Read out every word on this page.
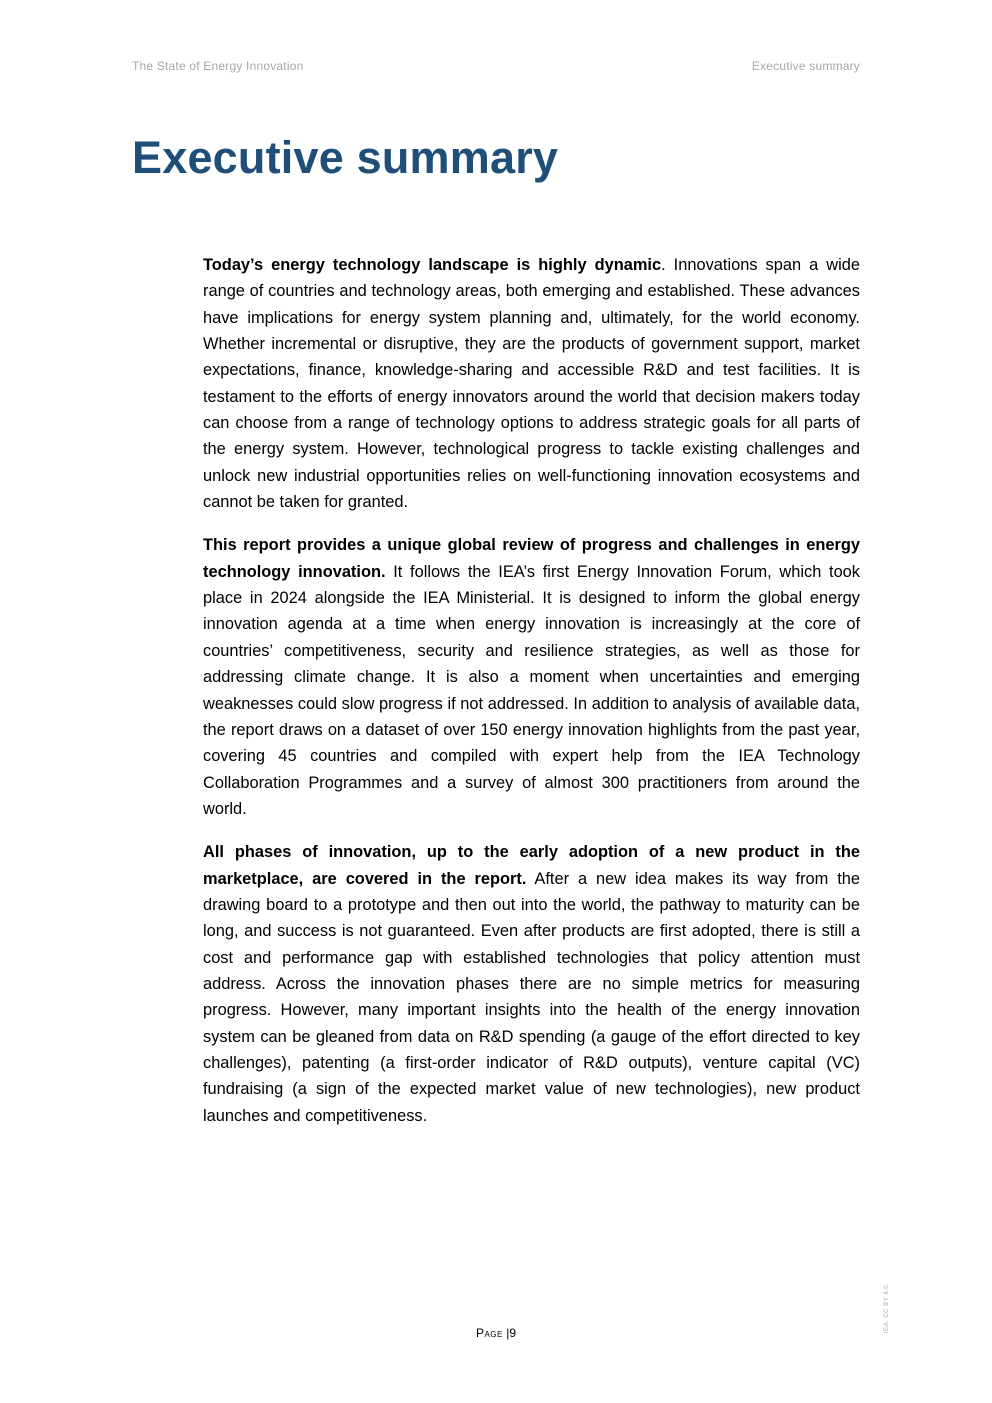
The State of Energy Innovation	Executive summary
Executive summary

Today’s energy technology landscape is highly dynamic. Innovations span a wide range of countries and technology areas, both emerging and established. These advances have implications for energy system planning and, ultimately, for the world economy. Whether incremental or disruptive, they are the products of government support, market expectations, finance, knowledge-sharing and accessible R&D and test facilities. It is testament to the efforts of energy innovators around the world that decision makers today can choose from a range of technology options to address strategic goals for all parts of the energy system. However, technological progress to tackle existing challenges and unlock new industrial opportunities relies on well-functioning innovation ecosystems and cannot be taken for granted.

This report provides a unique global review of progress and challenges in energy technology innovation. It follows the IEA’s first Energy Innovation Forum, which took place in 2024 alongside the IEA Ministerial. It is designed to inform the global energy innovation agenda at a time when energy innovation is increasingly at the core of countries’ competitiveness, security and resilience strategies, as well as those for addressing climate change. It is also a moment when uncertainties and emerging weaknesses could slow progress if not addressed. In addition to analysis of available data, the report draws on a dataset of over 150 energy innovation highlights from the past year, covering 45 countries and compiled with expert help from the IEA Technology Collaboration Programmes and a survey of almost 300 practitioners from around the world.

All phases of innovation, up to the early adoption of a new product in the marketplace, are covered in the report. After a new idea makes its way from the drawing board to a prototype and then out into the world, the pathway to maturity can be long, and success is not guaranteed. Even after products are first adopted, there is still a cost and performance gap with established technologies that policy attention must address. Across the innovation phases there are no simple metrics for measuring progress. However, many important insights into the health of the energy innovation system can be gleaned from data on R&D spending (a gauge of the effort directed to key challenges), patenting (a first-order indicator of R&D outputs), venture capital (VC) fundraising (a sign of the expected market value of new technologies), new product launches and competitiveness.

Page |9	IEA. CC BY 4.0.
